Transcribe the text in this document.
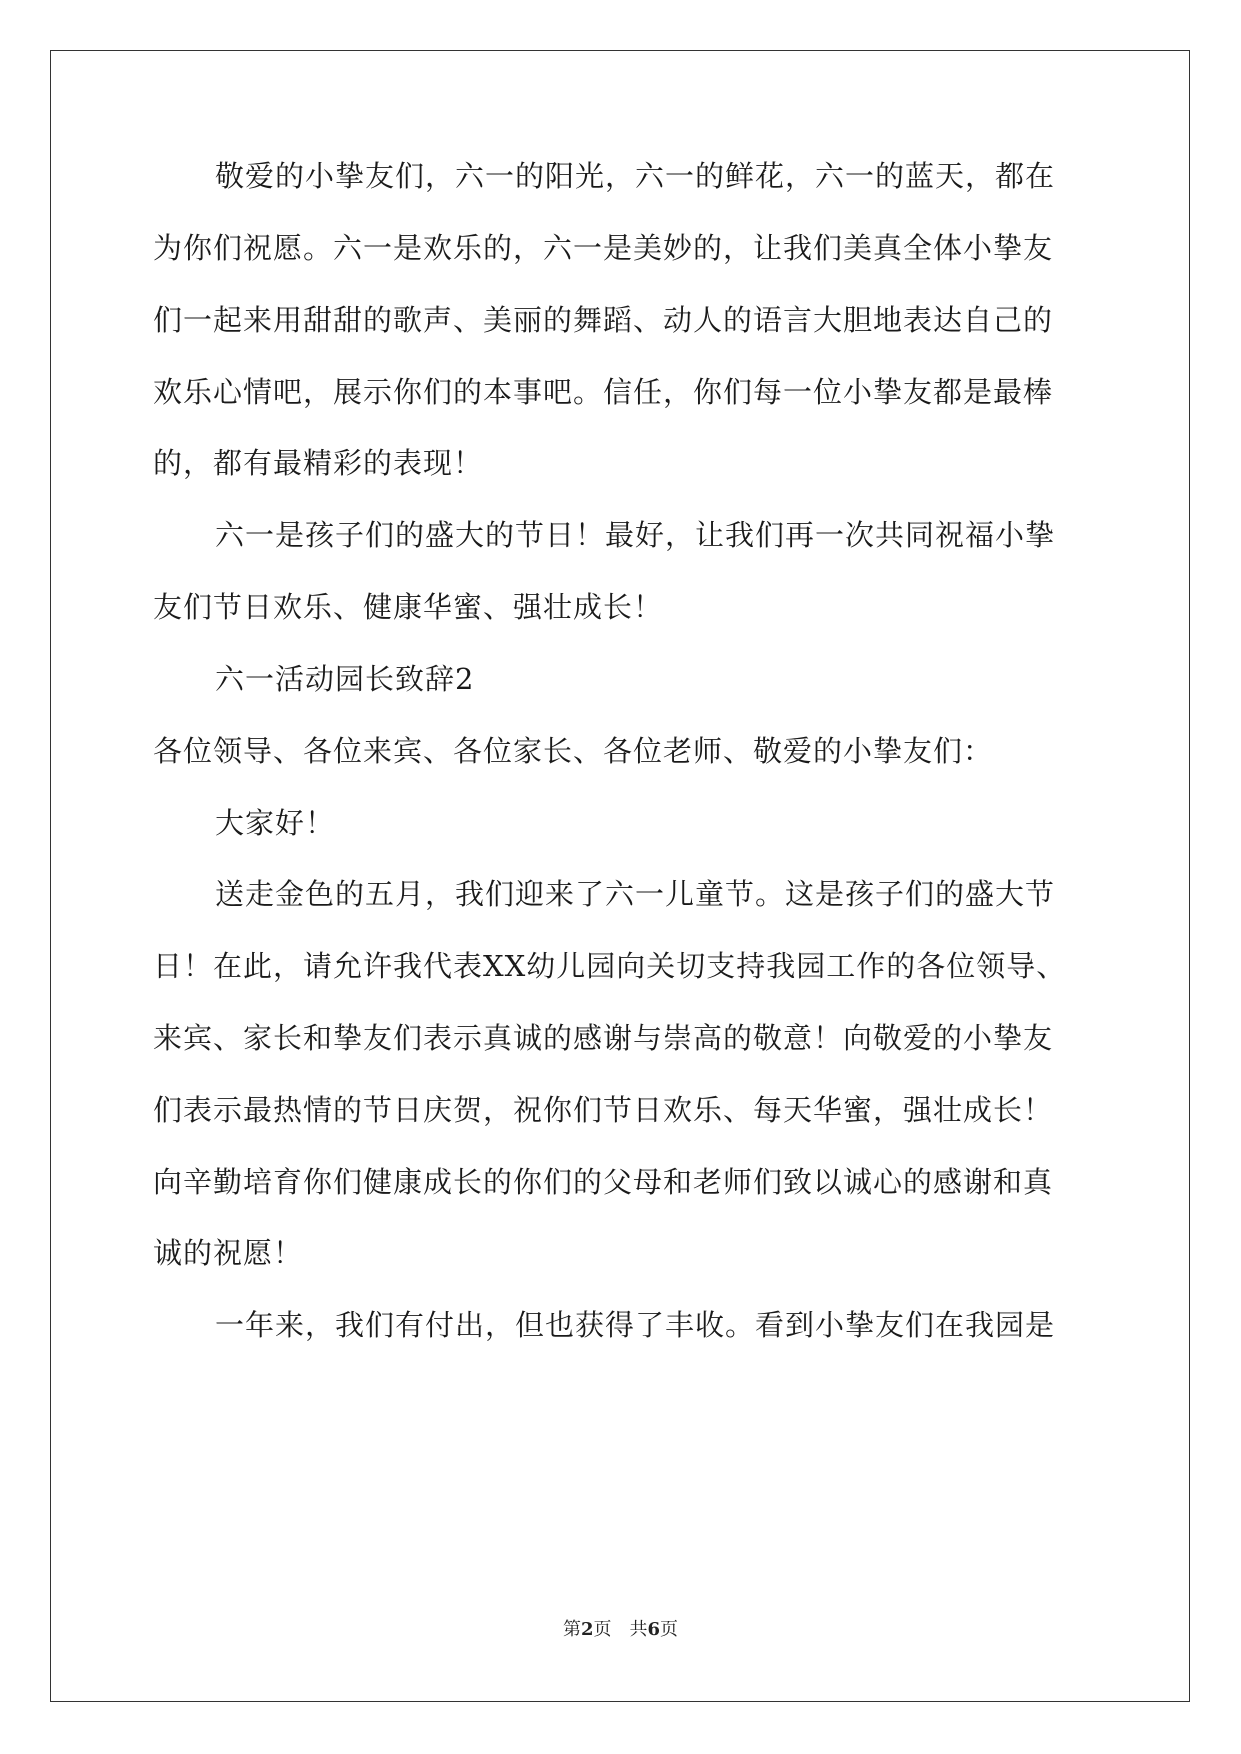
敬爱的小挚友们，六一的阳光，六一的鲜花，六一的蓝天，都在
为你们祝愿。六一是欢乐的，六一是美妙的，让我们美真全体小挚友
们一起来用甜甜的歌声、美丽的舞蹈、动人的语言大胆地表达自己的
欢乐心情吧，展示你们的本事吧。信任，你们每一位小挚友都是最棒
的，都有最精彩的表现！
六一是孩子们的盛大的节日！最好，让我们再一次共同祝福小挚
友们节日欢乐、健康华蜜、强壮成长！
六一活动园长致辞2
各位领导、各位来宾、各位家长、各位老师、敬爱的小挚友们：
大家好！
送走金色的五月，我们迎来了六一儿童节。这是孩子们的盛大节
日！在此，请允许我代表XX幼儿园向关切支持我园工作的各位领导、
来宾、家长和挚友们表示真诚的感谢与崇高的敬意！向敬爱的小挚友
们表示最热情的节日庆贺，祝你们节日欢乐、每天华蜜，强壮成长！
向辛勤培育你们健康成长的你们的父母和老师们致以诚心的感谢和真
诚的祝愿！
一年来，我们有付出，但也获得了丰收。看到小挚友们在我园是
第2页　共6页
